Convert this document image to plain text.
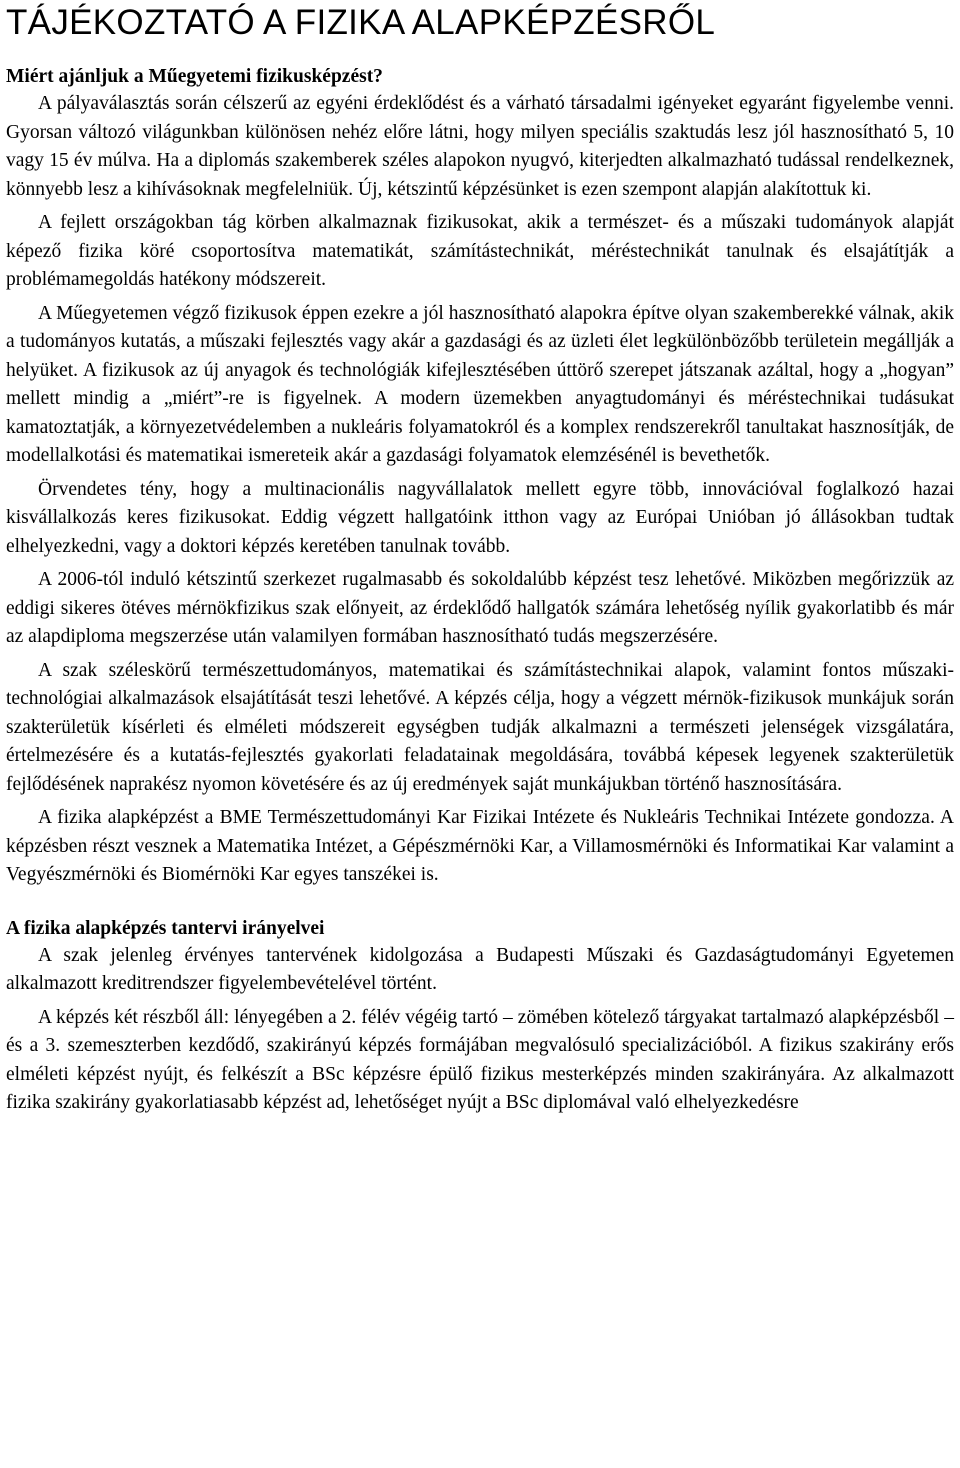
TÁJÉKOZTATÓ A FIZIKA ALAPKÉPZÉSRŐL
Miért ajánljuk a Műegyetemi fizikusképzést?

A pályaválasztás során célszerű az egyéni érdeklődést és a várható társadalmi igényeket egyaránt figyelembe venni. Gyorsan változó világunkban különösen nehéz előre látni, hogy milyen speciális szaktudás lesz jól hasznosítható 5, 10 vagy 15 év múlva. Ha a diplomás szakemberek széles alapokon nyugvó, kiterjedten alkalmazható tudással rendelkeznek, könnyebb lesz a kihívásoknak megfelelniük. Új, kétszintű képzésünket is ezen szempont alapján alakítottuk ki.

A fejlett országokban tág körben alkalmaznak fizikusokat, akik a természet- és a műszaki tudományok alapját képező fizika köré csoportosítva matematikát, számítástechnikát, méréstechnikát tanulnak és elsajátítják a problémamegoldás hatékony módszereit.

A Műegyetemen végző fizikusok éppen ezekre a jól hasznosítható alapokra építve olyan szakemberekké válnak, akik a tudományos kutatás, a műszaki fejlesztés vagy akár a gazdasági és az üzleti élet legkülönbözőbb területein megállják a helyüket. A fizikusok az új anyagok és technológiák kifejlesztésében úttörő szerepet játszanak azáltal, hogy a „hogyan” mellett mindig a „miért”-re is figyelnek. A modern üzemekben anyagtudományi és méréstechnikai tudásukat kamatoztatják, a környezetvédelemben a nukleáris folyamatokról és a komplex rendszerekről tanultakat hasznosítják, de modellalkotási és matematikai ismereteik akár a gazdasági folyamatok elemzésénél is bevethetők.

Örvendetes tény, hogy a multinacionális nagyvállalatok mellett egyre több, innovációval foglalkozó hazai kisvállalkozás keres fizikusokat. Eddig végzett hallgatóink itthon vagy az Európai Unióban jó állásokban tudtak elhelyezkedni, vagy a doktori képzés keretében tanulnak tovább.

A 2006-tól induló kétszintű szerkezet rugalmasabb és sokoldalúbb képzést tesz lehetővé. Miközben megőrizzük az eddigi sikeres ötéves mérnökfizikus szak előnyeit, az érdeklődő hallgatók számára lehetőség nyílik gyakorlatibb és már az alapdiploma megszerzése után valamilyen formában hasznosítható tudás megszerzésére.

A szak széleskörű természettudományos, matematikai és számítástechnikai alapok, valamint fontos műszaki-technológiai alkalmazások elsajátítását teszi lehetővé. A képzés célja, hogy a végzett mérnök-fizikusok munkájuk során szakterületük kísérleti és elméleti módszereit egységben tudják alkalmazni a természeti jelenségek vizsgálatára, értelmezésére és a kutatás-fejlesztés gyakorlati feladatainak megoldására, továbbá képesek legyenek szakterületük fejlődésének naprakész nyomon követésére és az új eredmények saját munkájukban történő hasznosítására.

A fizika alapképzést a BME Természettudományi Kar Fizikai Intézete és Nukleáris Technikai Intézete gondozza. A képzésben részt vesznek a Matematika Intézet, a Gépészmérnöki Kar, a Villamosmérnöki és Informatikai Kar valamint a Vegyészmérnöki és Biomérnöki Kar egyes tanszékei is.

A fizika alapképzés tantervi irányelvei

A szak jelenleg érvényes tantervének kidolgozása a Budapesti Műszaki és Gazdaságtudományi Egyetemen alkalmazott kreditrendszer figyelembevételével történt.

A képzés két részből áll: lényegében a 2. félév végéig tartó – zömében kötelező tárgyakat tartalmazó alapképzésből – és a 3. szemeszterben kezdődő, szakirányú képzés formájában megvalósuló specializációból. A fizikus szakirány erős elméleti képzést nyújt, és felkészít a BSc képzésre épülő fizikus mesterképzés minden szakirányára. Az alkalmazott fizika szakirány gyakorlatiasabb képzést ad, lehetőséget nyújt a BSc diplomával való elhelyezkedésre
